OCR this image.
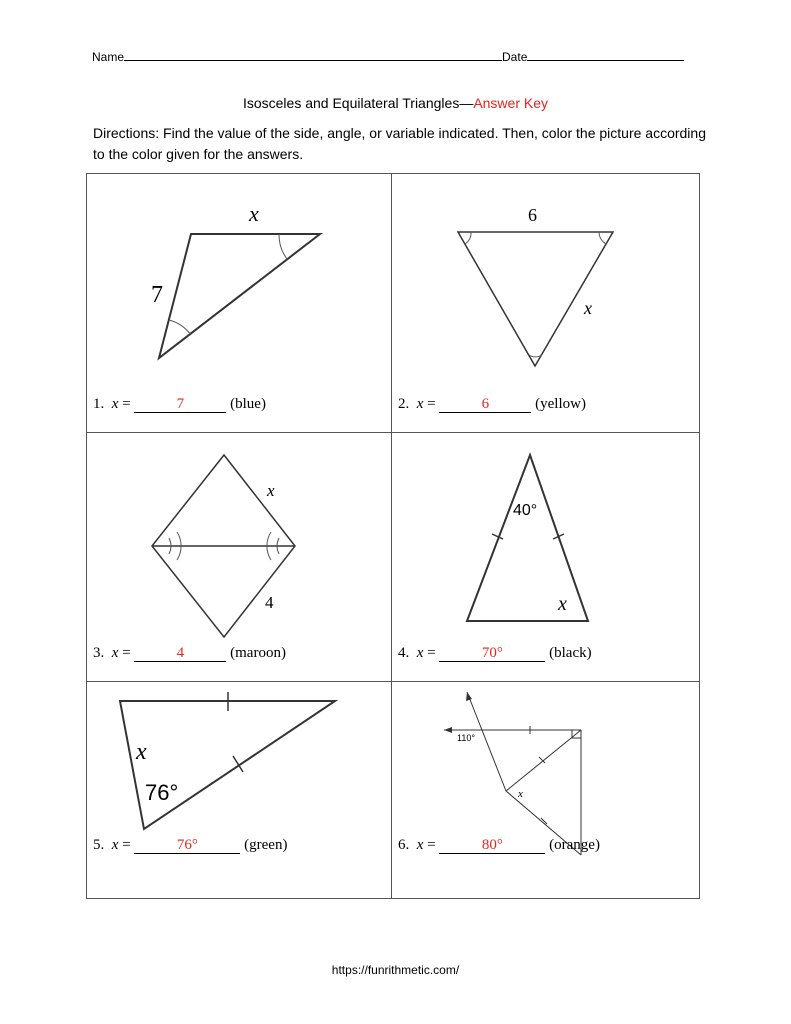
Name	Date
Isosceles and Equilateral Triangles—Answer Key
Directions: Find the value of the side, angle, or variable indicated. Then, color the picture according to the color given for the answers.
x
7
1. x =	7	(blue)
6
x
2. x =	6	(yellow)
x
4
3. x =	4	(maroon)
40°
x
4. x =	70°	(black)
x
76°
5. x =	76°	(green)
110°
x
6. x =	80°	(orange)
https://funrithmetic.com/
